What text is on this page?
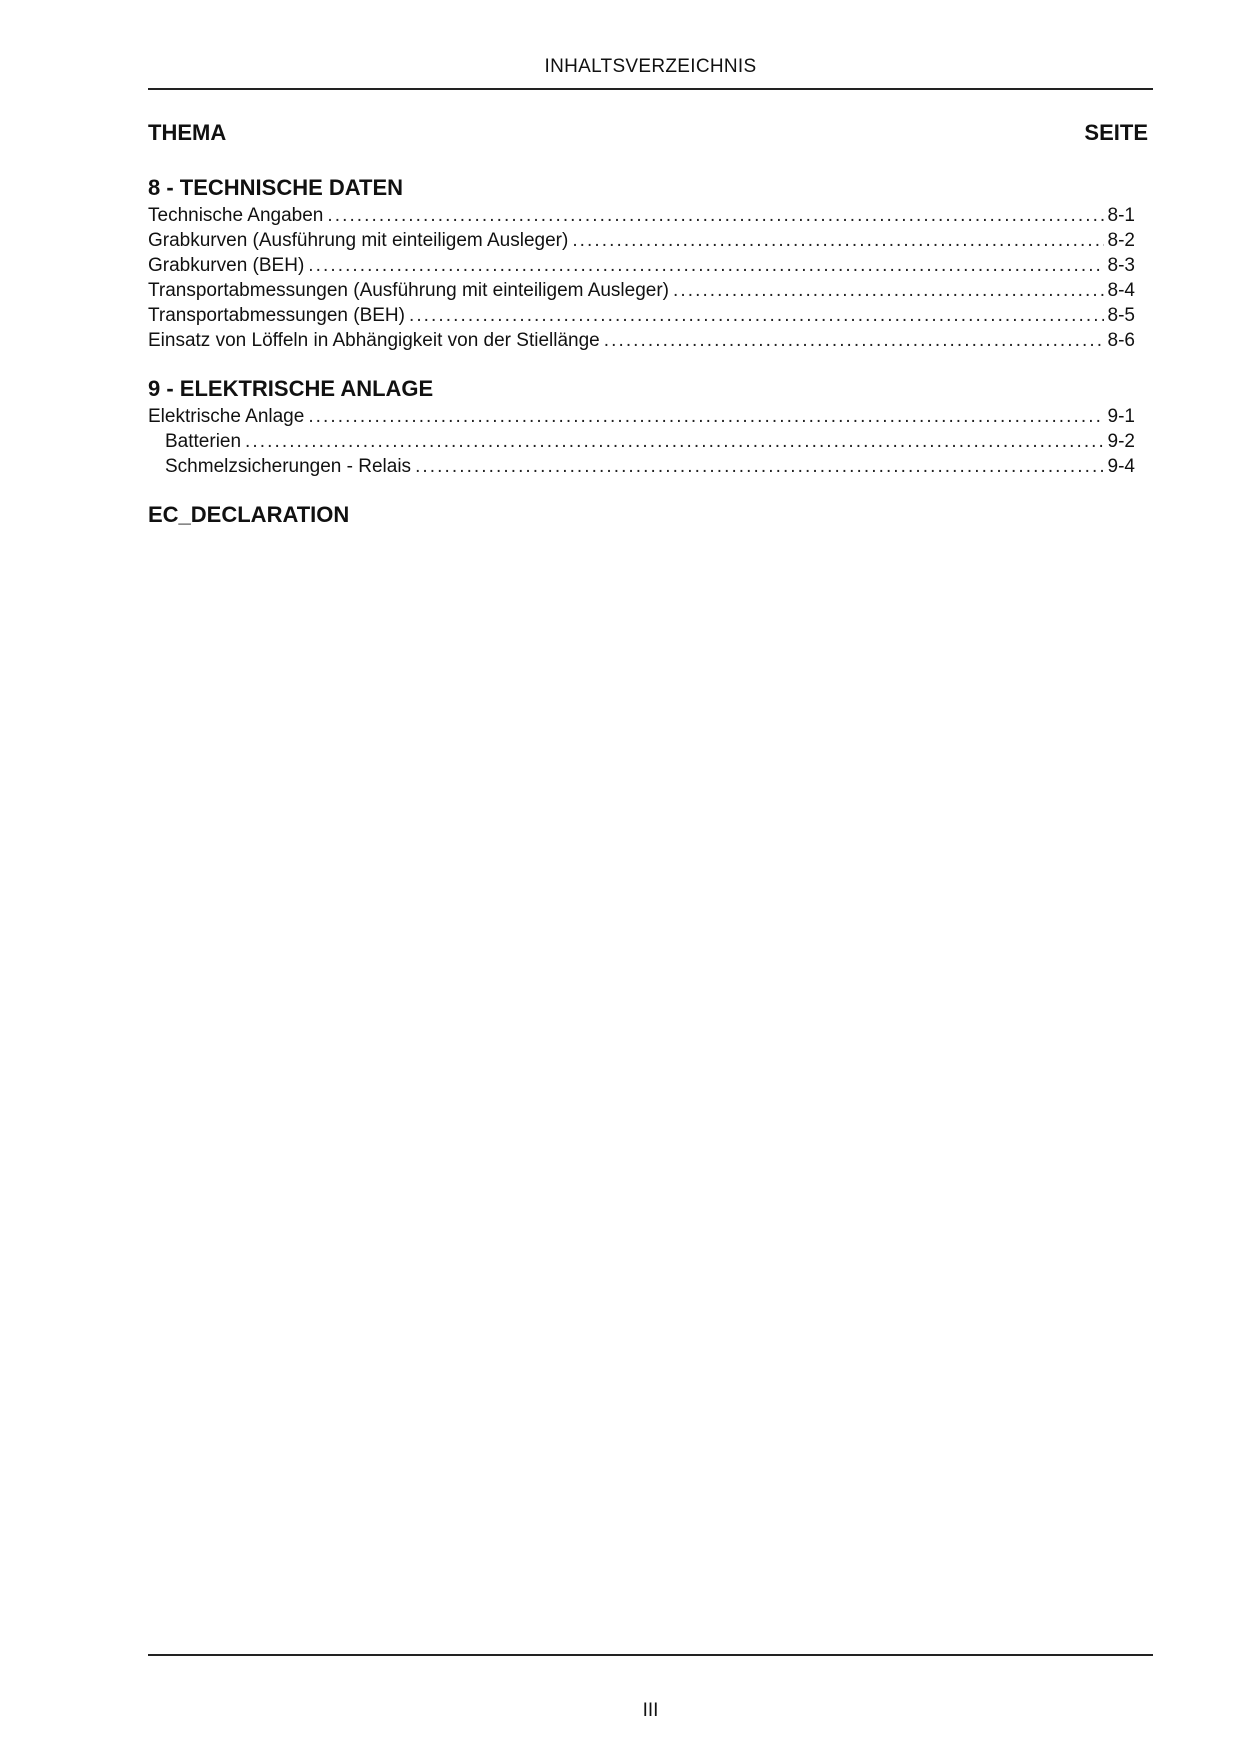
INHALTSVERZEICHNIS
THEMA	SEITE
8 - TECHNISCHE DATEN
Technische Angaben . . .	8-1
Grabkurven (Ausführung mit einteiligem Ausleger) . . .	8-2
Grabkurven (BEH) . . .	8-3
Transportabmessungen (Ausführung mit einteiligem Ausleger) . . .	8-4
Transportabmessungen (BEH) . . .	8-5
Einsatz von Löffeln in Abhängigkeit von der Stiellänge . . .	8-6
9 - ELEKTRISCHE ANLAGE
Elektrische Anlage . . .	9-1
Batterien . . .	9-2
Schmelzsicherungen - Relais . . .	9-4
EC_DECLARATION
III
